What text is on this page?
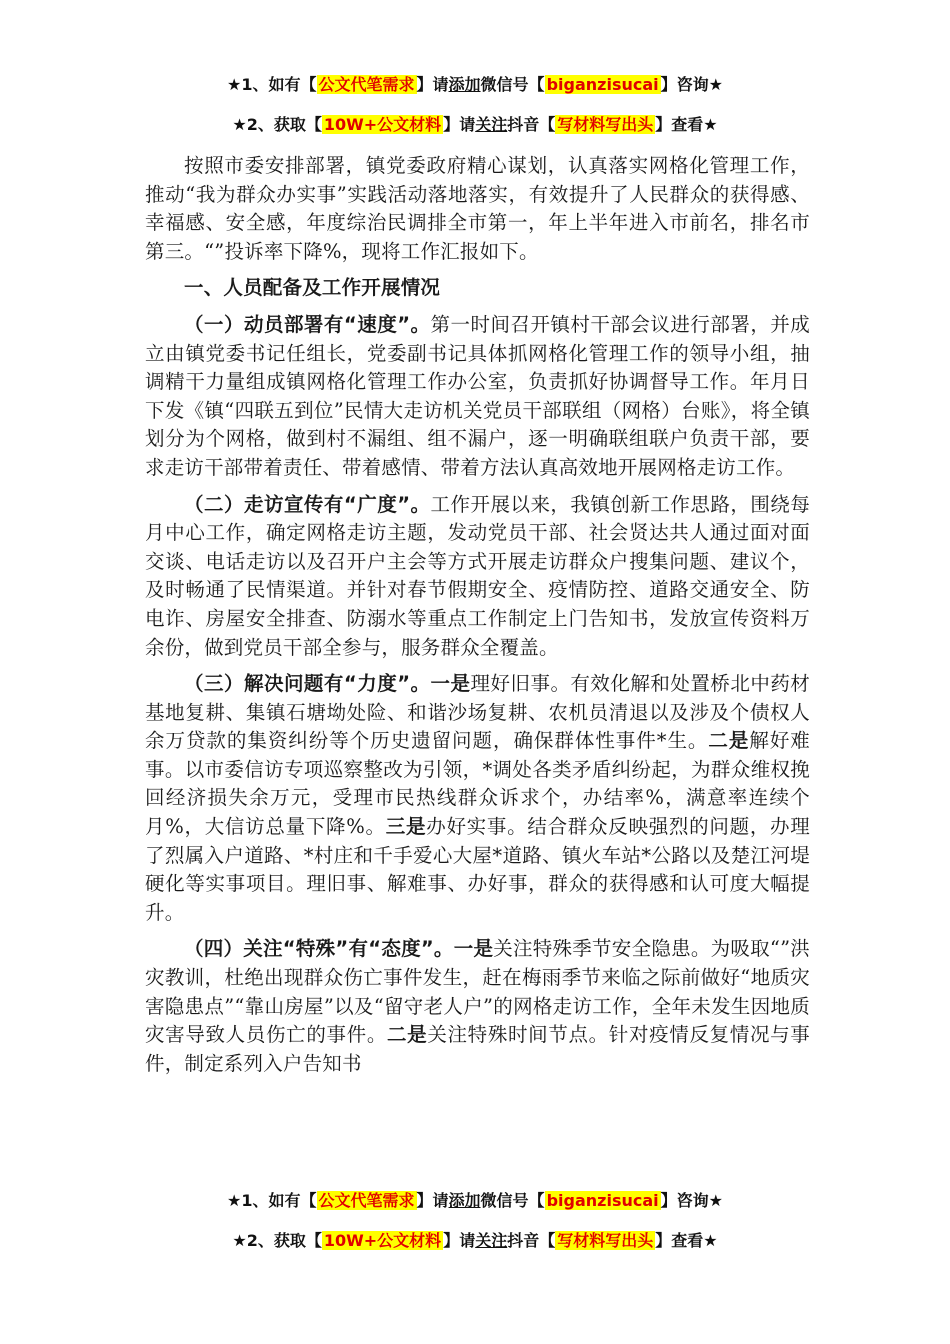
★1、如有【 公文代笔需求 】请添加微信号【 biganzisucai 】咨询★
★2、获取【 10W+公文材料 】请关注抖音【 写材料写出头 】查看★

按照市委安排部署，镇党委政府精心谋划，认真落实网格化管理工作，推动“我为群众办实事”实践活动落地落实，有效提升了人民群众的获得感、幸福感、安全感，年度综治民调排全市第一，年上半年进入市前名，排名市第三。“”投诉率下降%，现将工作汇报如下。

一、人员配备及工作开展情况

（一）动员部署有“速度”。第一时间召开镇村干部会议进行部署，并成立由镇党委书记任组长，党委副书记具体抓网格化管理工作的领导小组，抽调精干力量组成镇网格化管理工作办公室，负责抓好协调督导工作。年月日下发《镇“四联五到位”民情大走访机关党员干部联组（网格）台账》，将全镇划分为个网格，做到村不漏组、组不漏户，逐一明确联组联户负责干部，要求走访干部带着责任、带着感情、带着方法认真高效地开展网格走访工作。

（二）走访宣传有“广度”。工作开展以来，我镇创新工作思路，围绕每月中心工作，确定网格走访主题，发动党员干部、社会贤达共人通过面对面交谈、电话走访以及召开户主会等方式开展走访群众户搜集问题、建议个，及时畅通了民情渠道。并针对春节假期安全、疫情防控、道路交通安全、防电诈、房屋安全排查、防溺水等重点工作制定上门告知书，发放宣传资料万余份，做到党员干部全参与，服务群众全覆盖。

（三）解决问题有“力度”。一是理好旧事。有效化解和处置桥北中药材基地复耕、集镇石塘坳处险、和谐沙场复耕、农机员清退以及涉及个债权人余万贷款的集资纠纷等个历史遗留问题，确保群体性事件*生。二是解好难事。以市委信访专项巡察整改为引领，*调处各类矛盾纠纷起，为群众维权挽回经济损失余万元，受理市民热线群众诉求个，办结率%，满意率连续个月%，大信访总量下降%。三是办好实事。结合群众反映强烈的问题，办理了烈属入户道路、*村庄和千手爱心大屋*道路、镇火车站*公路以及楚江河堤硬化等实事项目。理旧事、解难事、办好事，群众的获得感和认可度大幅提升。

（四）关注“特殊”有“态度”。一是关注特殊季节安全隐患。为吸取“”洪灾教训，杜绝出现群众伤亡事件发生，赶在梅雨季节来临之际前做好“地质灾害隐患点”“靠山房屋”以及“留守老人户”的网格走访工作，全年未发生因地质灾害导致人员伤亡的事件。二是关注特殊时间节点。针对疫情反复情况与事件，制定系列入户告知书

★1、如有【 公文代笔需求 】请添加微信号【 biganzisucai 】咨询★
★2、获取【 10W+公文材料 】请关注抖音【 写材料写出头 】查看★
